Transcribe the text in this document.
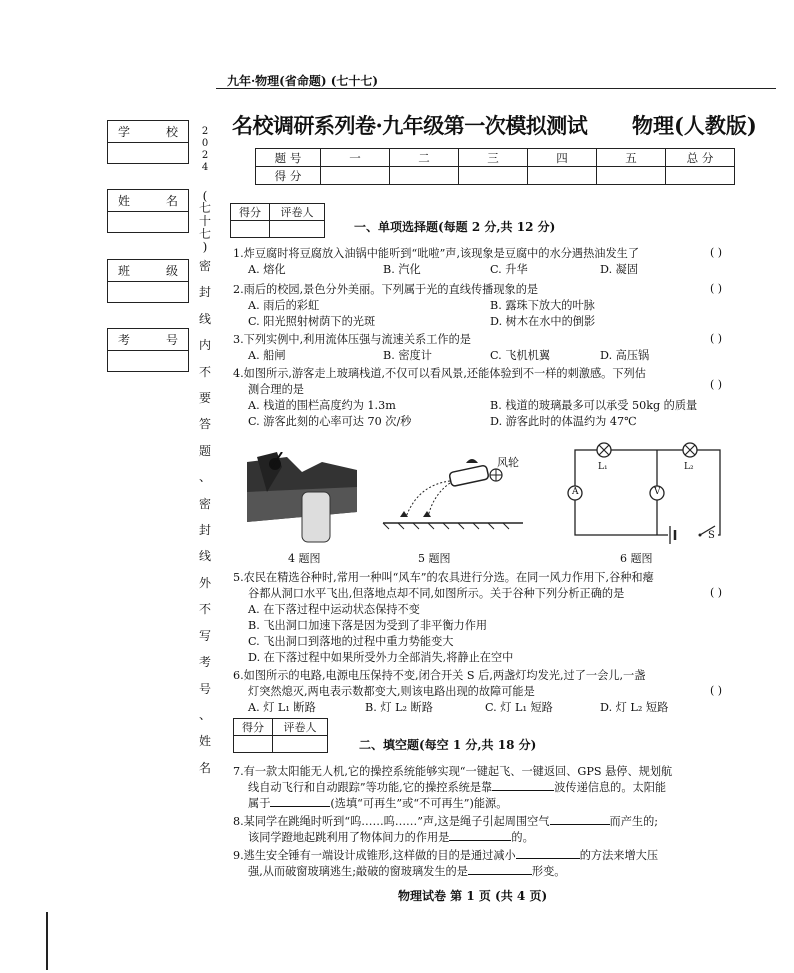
九年·物理(省命题) (七十七)
名校调研系列卷·九年级第一次模拟测试 物理(人教版)
学	校
姓	名
班	级
考	号
2
0
2
4
(
七
十
七
)
密
封
线
内
不
要
答
题
、
密
封
线
外
不
写
考
号
、
姓
名
题 号	一	二	三	四	五	总 分
得 分						
得分	评卷人

一、单项选择题(每题 2 分,共 12 分)
1.炸豆腐时将豆腐放入油锅中能听到“吡啦”声,该现象是豆腐中的水分遇热油发生了	( )
A. 熔化	B. 汽化	C. 升华	D. 凝固
2.雨后的校园,景色分外美丽。下列属于光的直线传播现象的是	( )
A. 雨后的彩虹	B. 露珠下放大的叶脉
C. 阳光照射树荫下的光斑	D. 树木在水中的倒影
3.下列实例中,利用流体压强与流速关系工作的是	( )
A. 船闸	B. 密度计	C. 飞机机翼	D. 高压锅
4.如图所示,游客走上玻璃栈道,不仅可以看风景,还能体验到不一样的刺激感。下列估
测合理的是	( )
A. 栈道的围栏高度约为 1.3m	B. 栈道的玻璃最多可以承受 50kg 的质量
C. 游客此刻的心率可达 70 次/秒	D. 游客此时的体温约为 47℃
4 题图
风轮
5 题图
L₁	L₂
A	V
S
6 题图
5.农民在精选谷种时,常用一种叫“风车”的农具进行分选。在同一风力作用下,谷种和瘪
谷都从洞口水平飞出,但落地点却不同,如图所示。关于谷种下列分析正确的是	( )
A. 在下落过程中运动状态保持不变
B. 飞出洞口加速下落是因为受到了非平衡力作用
C. 飞出洞口到落地的过程中重力势能变大
D. 在下落过程中如果所受外力全部消失,将静止在空中
6.如图所示的电路,电源电压保持不变,闭合开关 S 后,两盏灯均发光,过了一会儿,一盏
灯突然熄灭,两电表示数都变大,则该电路出现的故障可能是	( )
A. 灯 L₁ 断路	B. 灯 L₂ 断路	C. 灯 L₁ 短路	D. 灯 L₂ 短路
得分	评卷人

二、填空题(每空 1 分,共 18 分)
7.有一款太阳能无人机,它的操控系统能够实现“一键起飞、一键返回、GPS 悬停、规划航
线自动飞行和自动跟踪”等功能,它的操控系统是靠	波传递信息的。太阳能
属于	(选填“可再生”或“不可再生”)能源。
8.某同学在跳绳时听到“呜……呜……”声,这是绳子引起周围空气	而产生的;
该同学蹬地起跳利用了物体间力的作用是	的。
9.逃生安全锤有一端设计成锥形,这样做的目的是通过减小	的方法来增大压
强,从而破窗玻璃逃生;敲破的窗玻璃发生的是	形变。
物理试卷 第 1 页 (共 4 页)
